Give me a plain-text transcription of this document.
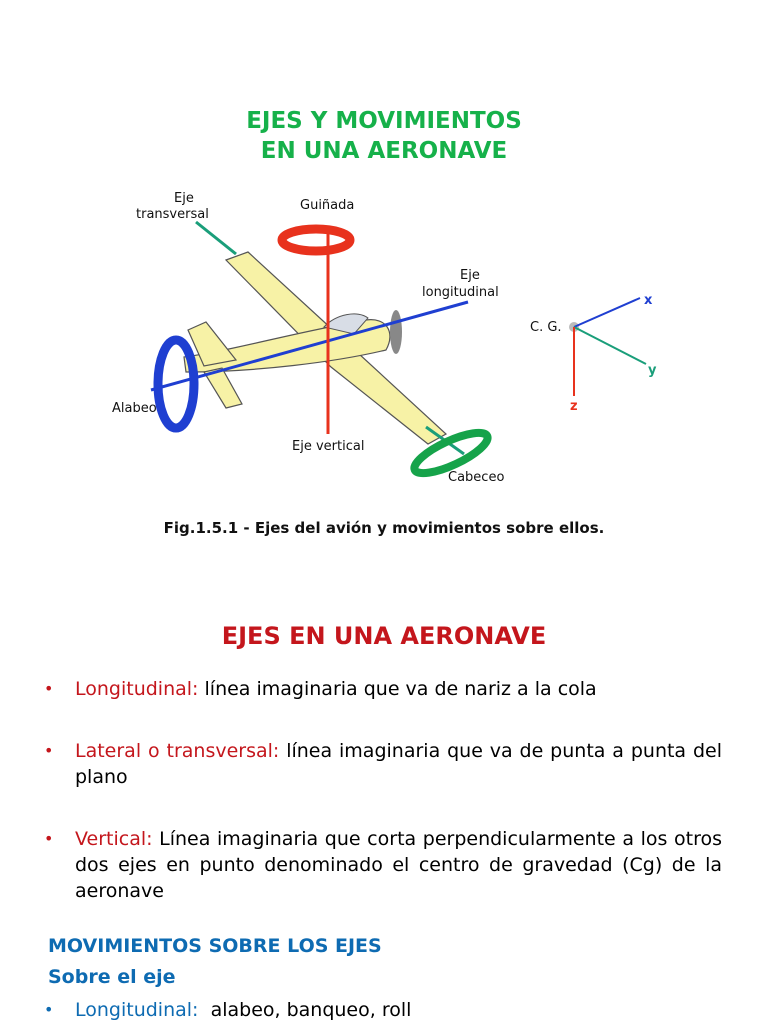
EJES Y MOVIMIENTOS
EN UNA AERONAVE
Eje
transversal
Guiñada
Eje
longitudinal
Alabeo
Eje vertical
Cabeceo
C. G.
x
y
z
Fig.1.5.1 - Ejes del avión y movimientos sobre ellos.
EJES EN UNA AERONAVE
• Longitudinal: línea imaginaria que va de nariz a la cola
• Lateral o transversal: línea imaginaria que va de punta a punta del plano
• Vertical: Línea imaginaria que corta perpendicularmente a los otros dos ejes en punto denominado el centro de gravedad (Cg) de la aeronave
MOVIMIENTOS SOBRE LOS EJES
Sobre el eje
• Longitudinal: alabeo, banqueo, roll
